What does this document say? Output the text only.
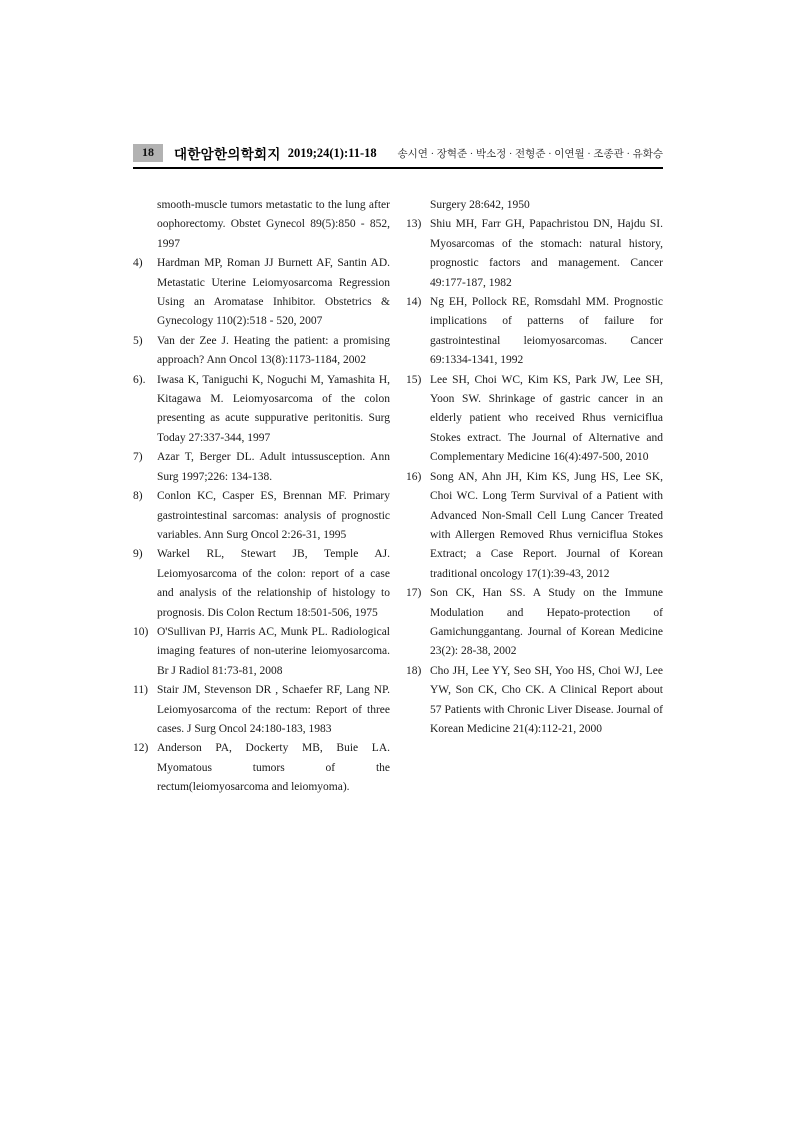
18	대한암한의학회지 2019;24(1):11-18 송시연 · 장혁준 · 박소정 · 전형준 · 이연월 · 조종관 · 유화승
smooth-muscle tumors metastatic to the lung after oophorectomy. Obstet Gynecol 89(5):850 - 852, 1997
4) Hardman MP, Roman JJ Burnett AF, Santin AD. Metastatic Uterine Leiomyosarcoma Regression Using an Aromatase Inhibitor. Obstetrics & Gynecology 110(2):518 - 520, 2007
5) Van der Zee J. Heating the patient: a promising approach? Ann Oncol 13(8):1173-1184, 2002
6). Iwasa K, Taniguchi K, Noguchi M, Yamashita H, Kitagawa M. Leiomyosarcoma of the colon presenting as acute suppurative peritonitis. Surg Today 27:337-344, 1997
7) Azar T, Berger DL. Adult intussusception. Ann Surg 1997;226: 134-138.
8) Conlon KC, Casper ES, Brennan MF. Primary gastrointestinal sarcomas: analysis of prognostic variables. Ann Surg Oncol 2:26-31, 1995
9) Warkel RL, Stewart JB, Temple AJ. Leiomyosarcoma of the colon: report of a case and analysis of the relationship of histology to prognosis. Dis Colon Rectum 18:501-506, 1975
10) O'Sullivan PJ, Harris AC, Munk PL. Radiological imaging features of non-uterine leiomyosarcoma. Br J Radiol 81:73-81, 2008
11) Stair JM, Stevenson DR , Schaefer RF, Lang NP. Leiomyosarcoma of the rectum: Report of three cases. J Surg Oncol 24:180-183, 1983
12) Anderson PA, Dockerty MB, Buie LA. Myomatous tumors of the rectum(leiomyosarcoma and leiomyoma).
Surgery 28:642, 1950
13) Shiu MH, Farr GH, Papachristou DN, Hajdu SI. Myosarcomas of the stomach: natural history, prognostic factors and management. Cancer 49:177-187, 1982
14) Ng EH, Pollock RE, Romsdahl MM. Prognostic implications of patterns of failure for gastrointestinal leiomyosarcomas. Cancer 69:1334-1341, 1992
15) Lee SH, Choi WC, Kim KS, Park JW, Lee SH, Yoon SW. Shrinkage of gastric cancer in an elderly patient who received Rhus verniciflua Stokes extract. The Journal of Alternative and Complementary Medicine 16(4):497-500, 2010
16) Song AN, Ahn JH, Kim KS, Jung HS, Lee SK, Choi WC. Long Term Survival of a Patient with Advanced Non-Small Cell Lung Cancer Treated with Allergen Removed Rhus verniciflua Stokes Extract; a Case Report. Journal of Korean traditional oncology 17(1):39-43, 2012
17) Son CK, Han SS. A Study on the Immune Modulation and Hepato-protection of Gamichunggantang. Journal of Korean Medicine 23(2): 28-38, 2002
18) Cho JH, Lee YY, Seo SH, Yoo HS, Choi WJ, Lee YW, Son CK, Cho CK. A Clinical Report about 57 Patients with Chronic Liver Disease. Journal of Korean Medicine 21(4):112-21, 2000
